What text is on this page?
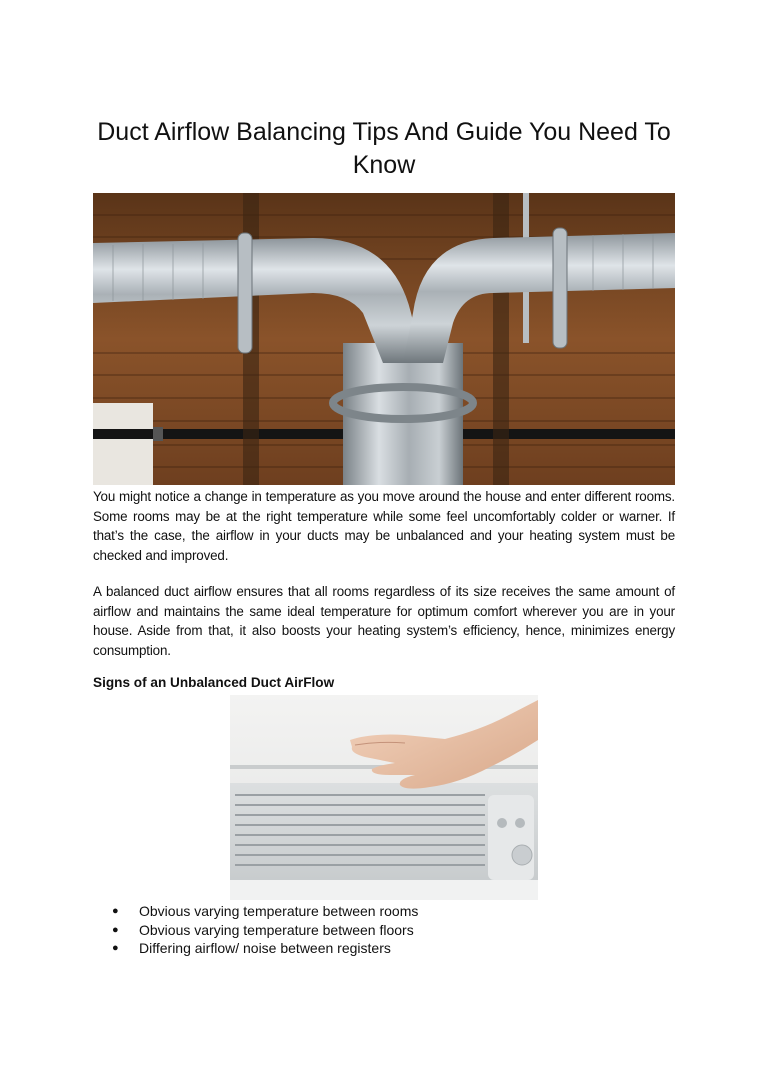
Duct Airflow Balancing Tips And Guide You Need To Know

You might notice a change in temperature as you move around the house and enter different rooms. Some rooms may be at the right temperature while some feel uncomfortably colder or warner. If that’s the case, the airflow in your ducts may be unbalanced and your heating system must be checked and improved.

A balanced duct airflow ensures that all rooms regardless of its size receives the same amount of airflow and maintains the same ideal temperature for optimum comfort wherever you are in your house. Aside from that, it also boosts your heating system’s efficiency, hence, minimizes energy consumption.

Signs of an Unbalanced Duct AirFlow
● Obvious varying temperature between rooms
● Obvious varying temperature between floors
● Differing airflow/ noise between registers
